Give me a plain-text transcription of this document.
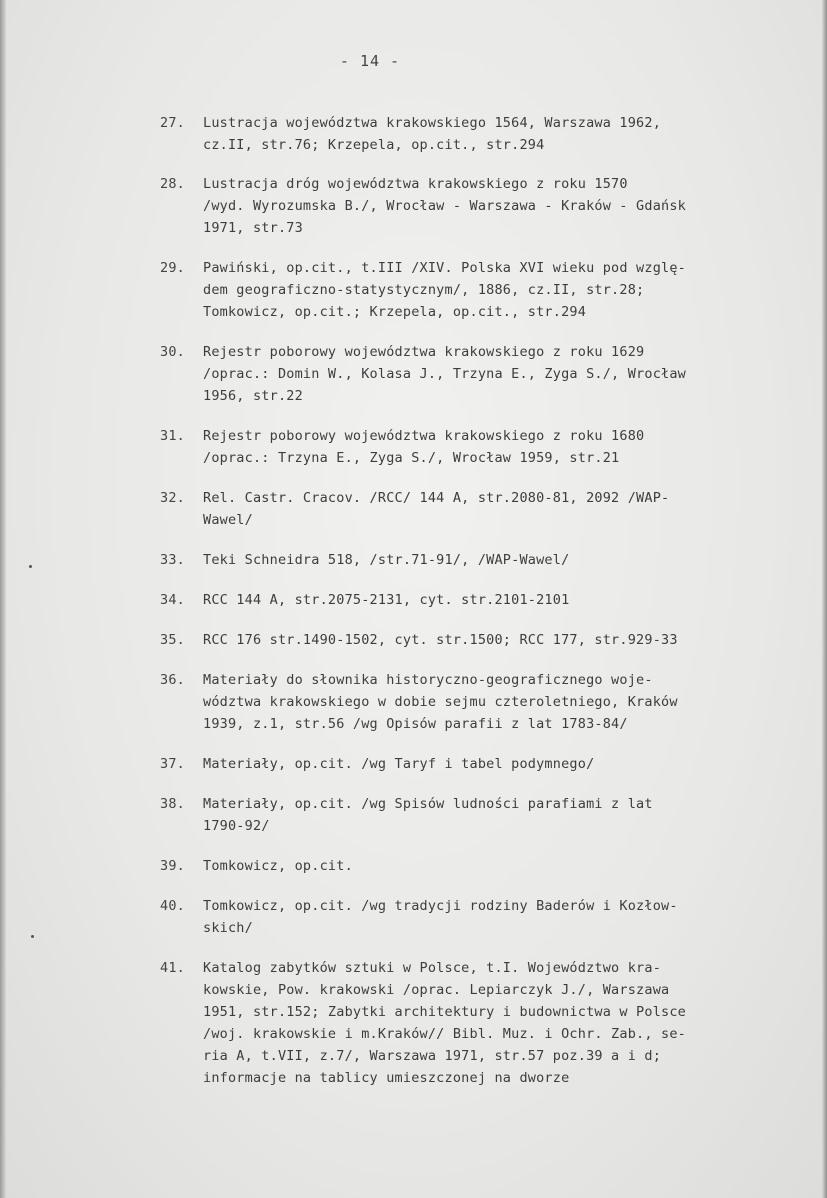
- 14 -
27. Lustracja województwa krakowskiego 1564, Warszawa 1962,
cz.II, str.76; Krzepela, op.cit., str.294
28. Lustracja dróg województwa krakowskiego z roku 1570
/wyd. Wyrozumska B./, Wrocław - Warszawa - Kraków - Gdańsk
1971, str.73
29. Pawiński, op.cit., t.III /XIV. Polska XVI wieku pod wzglę-
dem geograficzno-statystycznym/, 1886, cz.II, str.28;
Tomkowicz, op.cit.; Krzepela, op.cit., str.294
30. Rejestr poborowy województwa krakowskiego z roku 1629
/oprac.: Domin W., Kolasa J., Trzyna E., Zyga S./, Wrocław
1956, str.22
31. Rejestr poborowy województwa krakowskiego z roku 1680
/oprac.: Trzyna E., Zyga S./, Wrocław 1959, str.21
32. Rel. Castr. Cracov. /RCC/ 144 A, str.2080-81, 2092 /WAP-
Wawel/
33. Teki Schneidra 518, /str.71-91/, /WAP-Wawel/
34. RCC 144 A, str.2075-2131, cyt. str.2101-2101
35. RCC 176 str.1490-1502, cyt. str.1500; RCC 177, str.929-33
36. Materiały do słownika historyczno-geograficznego woje-
wództwa krakowskiego w dobie sejmu czteroletniego, Kraków
1939, z.1, str.56 /wg Opisów parafii z lat 1783-84/
37. Materiały, op.cit. /wg Taryf i tabel podymnego/
38. Materiały, op.cit. /wg Spisów ludności parafiami z lat
1790-92/
39. Tomkowicz, op.cit.
40. Tomkowicz, op.cit. /wg tradycji rodziny Baderów i Kozłow-
skich/
41. Katalog zabytków sztuki w Polsce, t.I. Województwo kra-
kowskie, Pow. krakowski /oprac. Lepiarczyk J./, Warszawa
1951, str.152; Zabytki architektury i budownictwa w Polsce
/woj. krakowskie i m.Kraków// Bibl. Muz. i Ochr. Zab., se-
ria A, t.VII, z.7/, Warszawa 1971, str.57 poz.39 a i d;
informacje na tablicy umieszczonej na dworze
